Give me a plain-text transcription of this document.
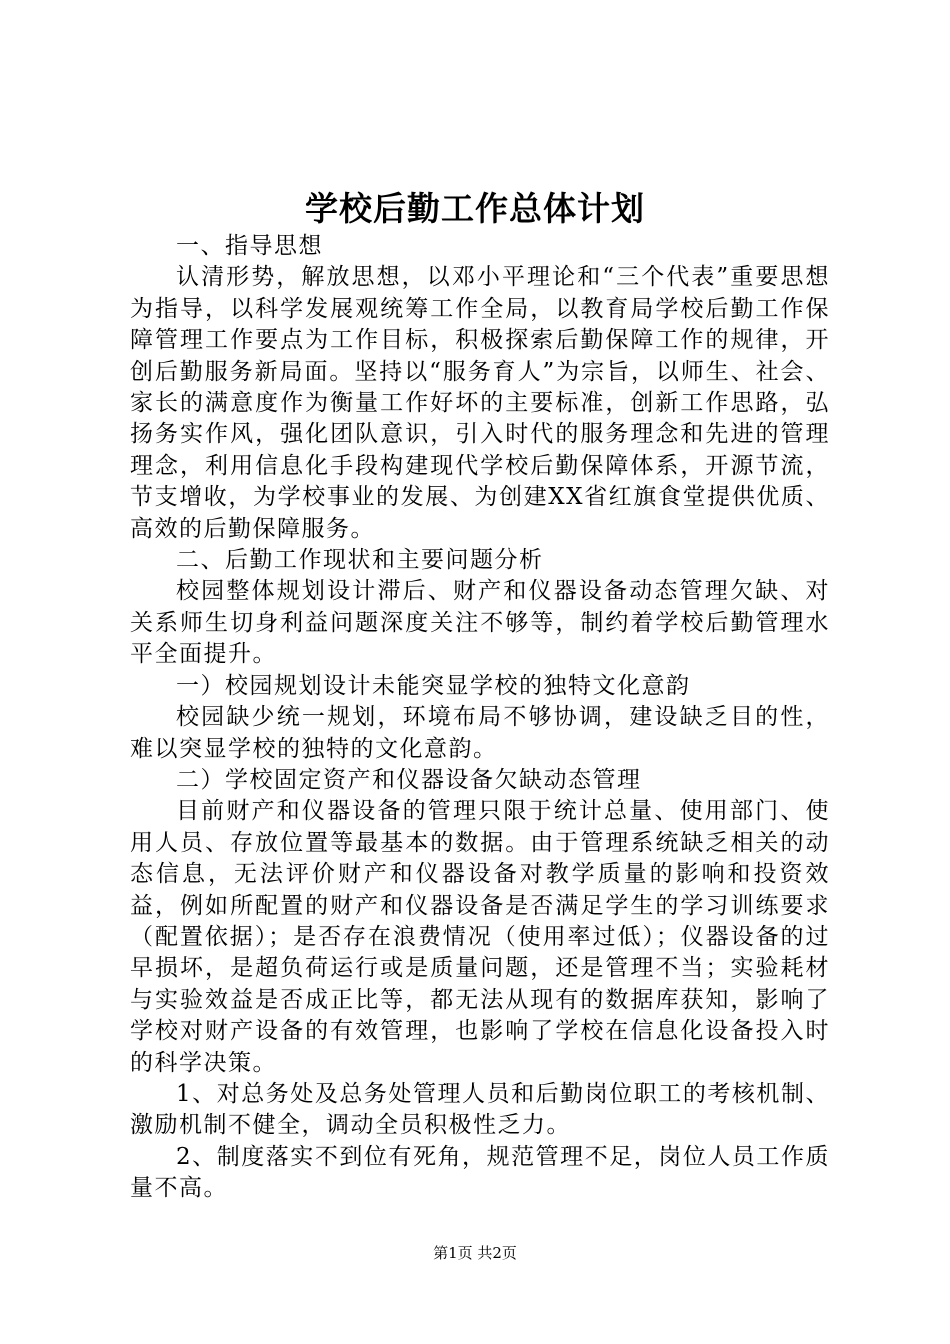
学校后勤工作总体计划

一、指导思想

认清形势，解放思想，以邓小平理论和“三个代表”重要思想为指导，以科学发展观统筹工作全局，以教育局学校后勤工作保障管理工作要点为工作目标，积极探索后勤保障工作的规律，开创后勤服务新局面。坚持以“服务育人”为宗旨，以师生、社会、家长的满意度作为衡量工作好坏的主要标准，创新工作思路，弘扬务实作风，强化团队意识，引入时代的服务理念和先进的管理理念，利用信息化手段构建现代学校后勤保障体系，开源节流，节支增收，为学校事业的发展、为创建XX省红旗食堂提供优质、高效的后勤保障服务。

二、后勤工作现状和主要问题分析

校园整体规划设计滞后、财产和仪器设备动态管理欠缺、对关系师生切身利益问题深度关注不够等，制约着学校后勤管理水平全面提升。

一）校园规划设计未能突显学校的独特文化意韵

校园缺少统一规划，环境布局不够协调，建设缺乏目的性，难以突显学校的独特的文化意韵。

二）学校固定资产和仪器设备欠缺动态管理

目前财产和仪器设备的管理只限于统计总量、使用部门、使用人员、存放位置等最基本的数据。由于管理系统缺乏相关的动态信息，无法评价财产和仪器设备对教学质量的影响和投资效益，例如所配置的财产和仪器设备是否满足学生的学习训练要求（配置依据）；是否存在浪费情况（使用率过低）；仪器设备的过早损坏，是超负荷运行或是质量问题，还是管理不当；实验耗材与实验效益是否成正比等，都无法从现有的数据库获知，影响了学校对财产设备的有效管理，也影响了学校在信息化设备投入时的科学决策。

1、对总务处及总务处管理人员和后勤岗位职工的考核机制、激励机制不健全，调动全员积极性乏力。

2、制度落实不到位有死角，规范管理不足，岗位人员工作质量不高。

第1页 共2页
